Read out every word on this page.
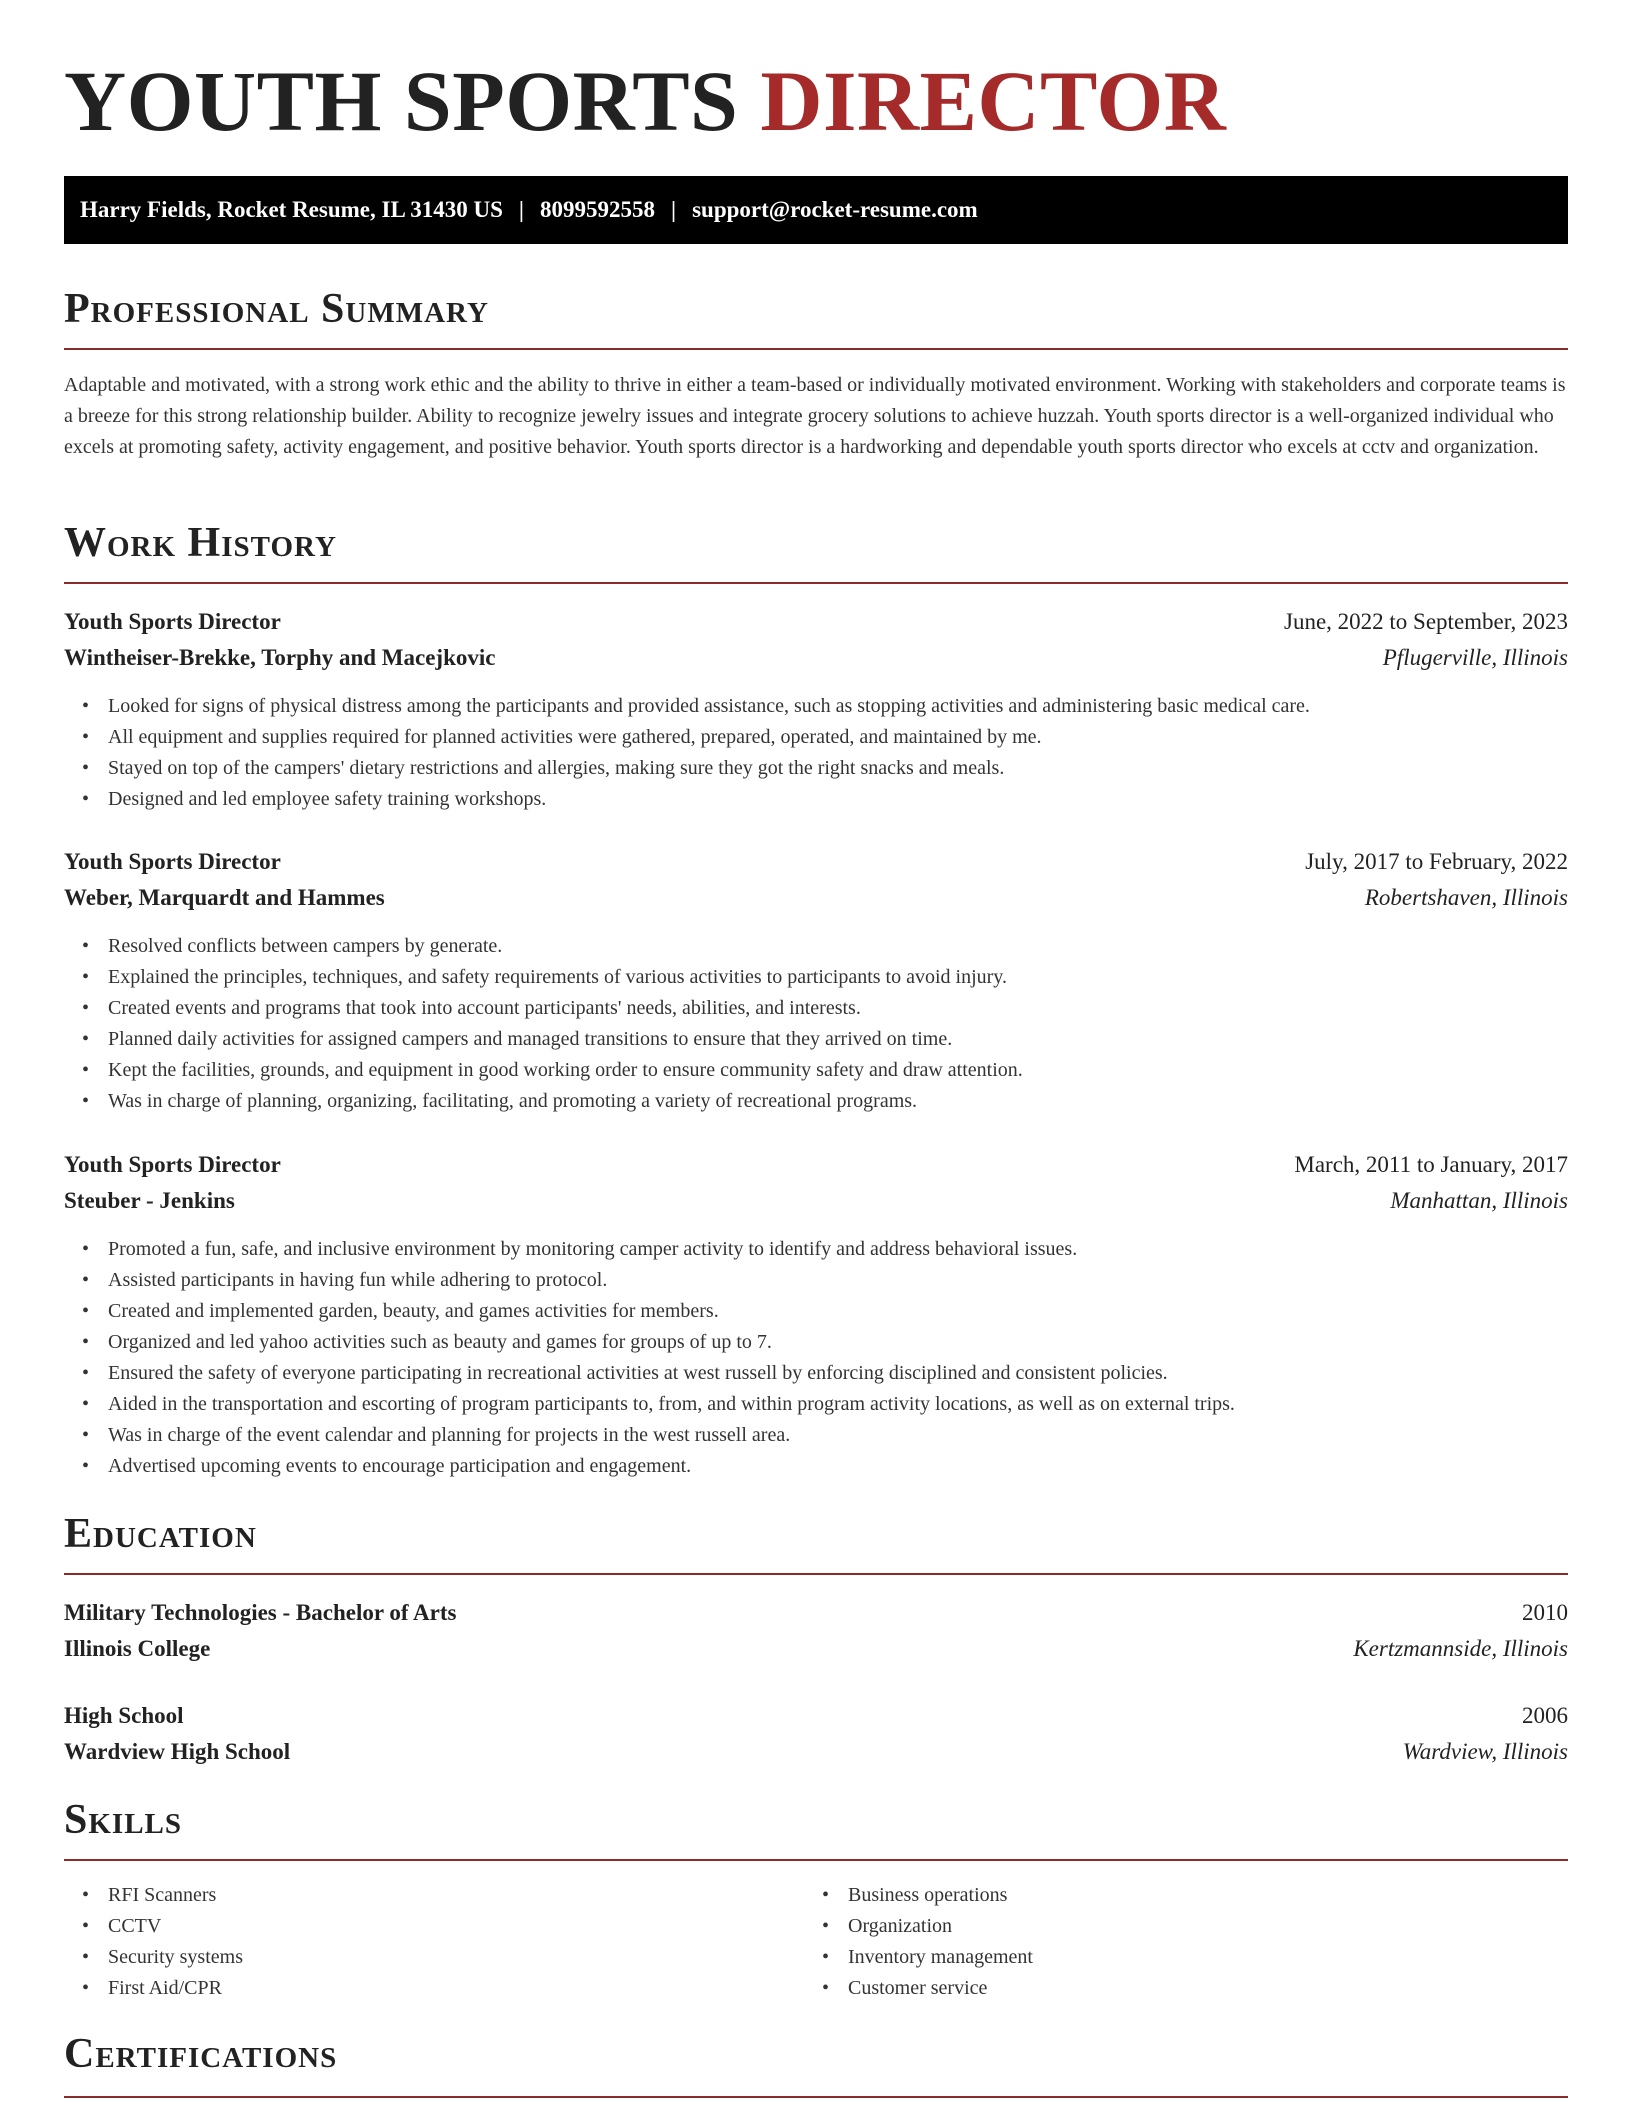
YOUTH SPORTS DIRECTOR
Harry Fields, Rocket Resume, IL 31430 US | 8099592558 | support@rocket-resume.com
Professional Summary

Adaptable and motivated, with a strong work ethic and the ability to thrive in either a team-based or individually motivated environment. Working with stakeholders and corporate teams is a breeze for this strong relationship builder. Ability to recognize jewelry issues and integrate grocery solutions to achieve huzzah. Youth sports director is a well-organized individual who excels at promoting safety, activity engagement, and positive behavior. Youth sports director is a hardworking and dependable youth sports director who excels at cctv and organization.

Work History
Youth Sports Director	June, 2022 to September, 2023
Wintheiser-Brekke, Torphy and Macejkovic	Pflugerville, Illinois
• Looked for signs of physical distress among the participants and provided assistance, such as stopping activities and administering basic medical care.
• All equipment and supplies required for planned activities were gathered, prepared, operated, and maintained by me.
• Stayed on top of the campers' dietary restrictions and allergies, making sure they got the right snacks and meals.
• Designed and led employee safety training workshops.
Youth Sports Director	July, 2017 to February, 2022
Weber, Marquardt and Hammes	Robertshaven, Illinois
• Resolved conflicts between campers by generate.
• Explained the principles, techniques, and safety requirements of various activities to participants to avoid injury.
• Created events and programs that took into account participants' needs, abilities, and interests.
• Planned daily activities for assigned campers and managed transitions to ensure that they arrived on time.
• Kept the facilities, grounds, and equipment in good working order to ensure community safety and draw attention.
• Was in charge of planning, organizing, facilitating, and promoting a variety of recreational programs.
Youth Sports Director	March, 2011 to January, 2017
Steuber - Jenkins	Manhattan, Illinois
• Promoted a fun, safe, and inclusive environment by monitoring camper activity to identify and address behavioral issues.
• Assisted participants in having fun while adhering to protocol.
• Created and implemented garden, beauty, and games activities for members.
• Organized and led yahoo activities such as beauty and games for groups of up to 7.
• Ensured the safety of everyone participating in recreational activities at west russell by enforcing disciplined and consistent policies.
• Aided in the transportation and escorting of program participants to, from, and within program activity locations, as well as on external trips.
• Was in charge of the event calendar and planning for projects in the west russell area.
• Advertised upcoming events to encourage participation and engagement.
Education
Military Technologies - Bachelor of Arts	2010
Illinois College	Kertzmannside, Illinois
High School	2006
Wardview High School	Wardview, Illinois
Skills
• RFI Scanners
• CCTV
• Security systems
• First Aid/CPR
• Business operations
• Organization
• Inventory management
• Customer service
Certifications
